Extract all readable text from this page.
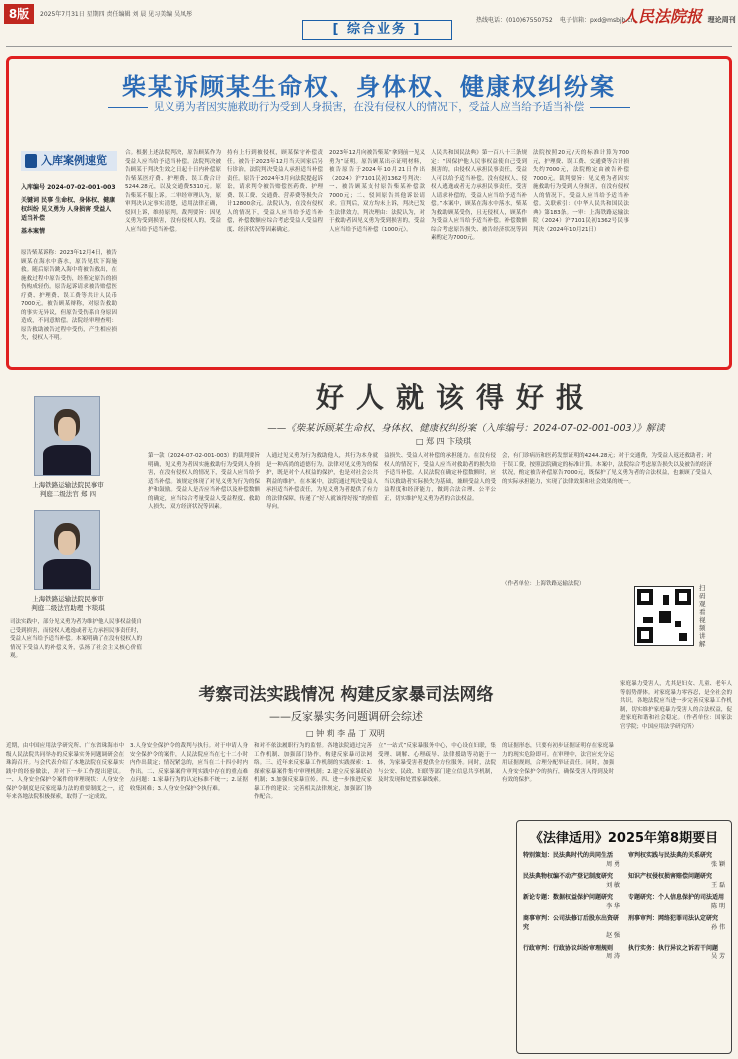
8版	2025年7月31日 星期四 责任编辑 刘 晨 见习美编 吴凤彤
[ 综合业务 ]
热线电话：(010)67550752 电子信箱：pxd@msbjb.cn
人民法院报 理论周刊
柴某诉顾某生命权、身体权、健康权纠纷案
见义勇为者因实施救助行为受到人身损害，在没有侵权人的情况下，受益人应当给予适当补偿
入库案例速览
入库编号 2024-07-02-001-003
关键词 民事 生命权、身体权、健康权纠纷 见义勇为 人身损害 受益人 适当补偿
基本案情
原告柴某诉称：2023年12月4日，被告顾某在海水中落水，原告见状下海施救。随后原告跳入海中将被告救出，在施救过程中原告受伤，经鉴定原告的损伤构成轻伤。原告起诉请求被告赔偿医疗费、护理费、误工费等共计人民币7000元。被告顾某辩称，对原告救助的事实无异议，但原告受伤系自身原因造成，不同意赔偿。法院经审理查明：原告救助被告过程中受伤，产生相应损失，侵权人不明。
合。根据上述法院判决，原告顾某作为受益人应当给予适当补偿。法院判决被告顾某于判决生效之日起十日内补偿原告柴某医疗费、护理费、误工费合计5244.28元，以及交通费5310元。原告柴某不服上诉。二审经审理认为，原审判决认定事实清楚，适用法律正确，驳回上诉，维持原判。裁判要旨：因见义勇为受到损害，没有侵权人的，受益人应当给予适当补偿。
持有上行到被侵权，顾某保守补偿责任。被告于2023年12月当天回家后另行诊治，法院判决受益人承担适当补偿责任。原告于2024年3月向法院提起诉讼，请求判令被告赔偿医药费、护理费、误工费、交通费、营养费等损失合计12800余元。法院认为，在没有侵权人的情况下，受益人应当给予适当补偿，补偿数额应综合考虑受益人受益程度、经济状况等因素确定。
2023年12月向被告柴某“拿到前一见义勇为”证明。原告顾某出示证明材料，被告原告于2024年10月21日作出（2024）沪7101民初1362号判决：一、被告顾某支付原告柴某补偿款7000元；二、驳回原告其他诉讼请求。宣判后，双方均未上诉，判决已发生法律效力。判决理由：法院认为，对于救助者因见义勇为受到损害的，受益人应当给予适当补偿（1000元）。
人民共和国民法典》第一百八十三条规定：“因保护他人民事权益使自己受到损害的，由侵权人承担民事责任，受益人可以给予适当补偿。没有侵权人、侵权人逃逸或者无力承担民事责任，受害人请求补偿的，受益人应当给予适当补偿。”本案中，顾某在海水中落水，柴某为救助顾某受伤，且无侵权人，顾某作为受益人应当给予适当补偿。补偿数额综合考虑原告损失、被告经济状况等因素酌定为7000元。
法院按照20元/天的标准计算为700元，护理费、误工费、交通费等合计损失约7000元，法院酌定由被告补偿7000元。裁判要旨：见义勇为者因实施救助行为受到人身损害，在没有侵权人的情况下，受益人应当给予适当补偿。关联索引：《中华人民共和国民法典》第183条。一审：上海铁路运输法院（2024）沪7101民初1362号民事判决（2024年10月21日）
好人就该得好报
——《柴某诉顾某生命权、身体权、健康权纠纷案（入库编号：2024-07-02-001-003）》解读
□ 郑 四 卞琰琪
上海铁路运输法院民事审
判庭二级法官 郑 四
上海铁路运输法院民事审
判庭二级法官助理 卞琰琪
司法实践中，部分见义勇为者为维护他人民事权益使自己受到损害，而侵权人逃逸或者无力承担民事责任时，受益人应当给予适当补偿。本案明确了在没有侵权人的情况下受益人的补偿义务，弘扬了社会主义核心价值观。
第一款（2024-07-02-001-003）的裁判要旨明确，见义勇为者因实施救助行为受到人身损害，在没有侵权人的情况下，受益人应当给予适当补偿。该规定体现了对见义勇为行为的保护和鼓励。受益人是否应当补偿以及补偿数额的确定，应当综合考量受益人受益程度、救助人损失、双方经济状况等因素。
人通过见义勇为行为救助他人，其行为本身就是一种高尚的道德行为。法律对见义勇为的保护，既是对个人权益的保护，也是对社会公共利益的维护。在本案中，法院通过判决受益人承担适当补偿责任，为见义勇为者提供了有力的法律保障，传递了“好人就该得好报”的价值导向。
益损失、受益人对补偿的承担能力。在没有侵权人的情况下，受益人应当对救助者的损失给予适当补偿。人民法院在确定补偿数额时，应当以救助者实际损失为基础，兼顾受益人的受益程度和经济能力，做到合法合理、公平公正，切实维护见义勇为者的合法权益。
会，有门诊病历和医药发票证明的4244.28元；对于交通费，为受益人返还救助者；对于误工费，按照法院确定的标准计算。本案中，法院综合考虑原告损失以及被告的经济状况，酌定被告补偿原告7000元，既保护了见义勇为者的合法权益，也兼顾了受益人的实际承担能力，实现了法律效果和社会效果的统一。
（作者单位：上海铁路运输法院）	扫码观看视频讲解
考察司法实践情况 构建反家暴司法网络
——反家暴实务问题调研会综述
□ 钟 莉 李 晶 丁 双明
近期，由中国应用法学研究所、广东省珠海市中级人民法院共同举办的反家暴实务问题调研会在珠海召开。与会代表介绍了本地法院在反家暴实践中的经验做法，并对下一步工作提出建议。一、人身安全保护令案件的审理现状：人身安全保护令制度是反家庭暴力法的重要制度之一，近年来各地法院积极探索，取得了一定成效。
3.人身安全保护令的裁判与执行。对于申请人身安全保护令的案件，人民法院应当在七十二小时内作出裁定；情况紧急的，应当在二十四小时内作出。二、反家暴案件审判实践中存在的重点难点问题：1.家暴行为的认定标准不统一；2.证据收集困难；3.人身安全保护令执行难。
和对不依法履职行为的监督。各地法院通过完善工作机制、加强部门协作，构建反家暴司法网络。三、近年来反家暴工作机制的实践探索：1.探索家暴案件集中审理机制；2.建立反家暴联动机制；3.加强反家暴宣传。四、进一步推进反家暴工作的建议：完善相关法律规定，加强部门协作配合。
立“一站式”反家暴服务中心，中心设在妇联，集受理、调解、心理疏导、法律援助等功能于一体，为家暴受害者提供全方位服务。同时，法院与公安、民政、妇联等部门建立信息共享机制，及时发现和处置家暴线索。
的证据形态，只要有初步证据证明存在家庭暴力的现实危险即可。在审理中，法官应充分运用证据规则，合理分配举证责任。同时，加强人身安全保护令的执行，确保受害人得到及时有效的保护。
家庭暴力受害人，尤其是妇女、儿童、老年人等弱势群体。对家庭暴力零容忍，是全社会的共识。各地法院应当进一步完善反家暴工作机制，切实维护家庭暴力受害人的合法权益，促进家庭和谐和社会稳定。（作者单位：国家法官学院；中国应用法学研究所）
《法律适用》2025年第8期要目
特别策划：民法典时代的共同生活
周 勇
审判权实践与民法典的关系研究
张 颖
民法典物权编不动产登记制度研究
刘 敏
知识产权侵权损害赔偿问题研究
王 磊
新论专题：数据权益保护问题研究
李 华
专题研究：个人信息保护的司法适用
陈 明
商事审判：公司法修订后股东出资研究
赵 强
刑事审判：网络犯罪司法认定研究
孙 伟
行政审判：行政协议纠纷审理规则
周 涛
执行实务：执行异议之诉若干问题
吴 芳
